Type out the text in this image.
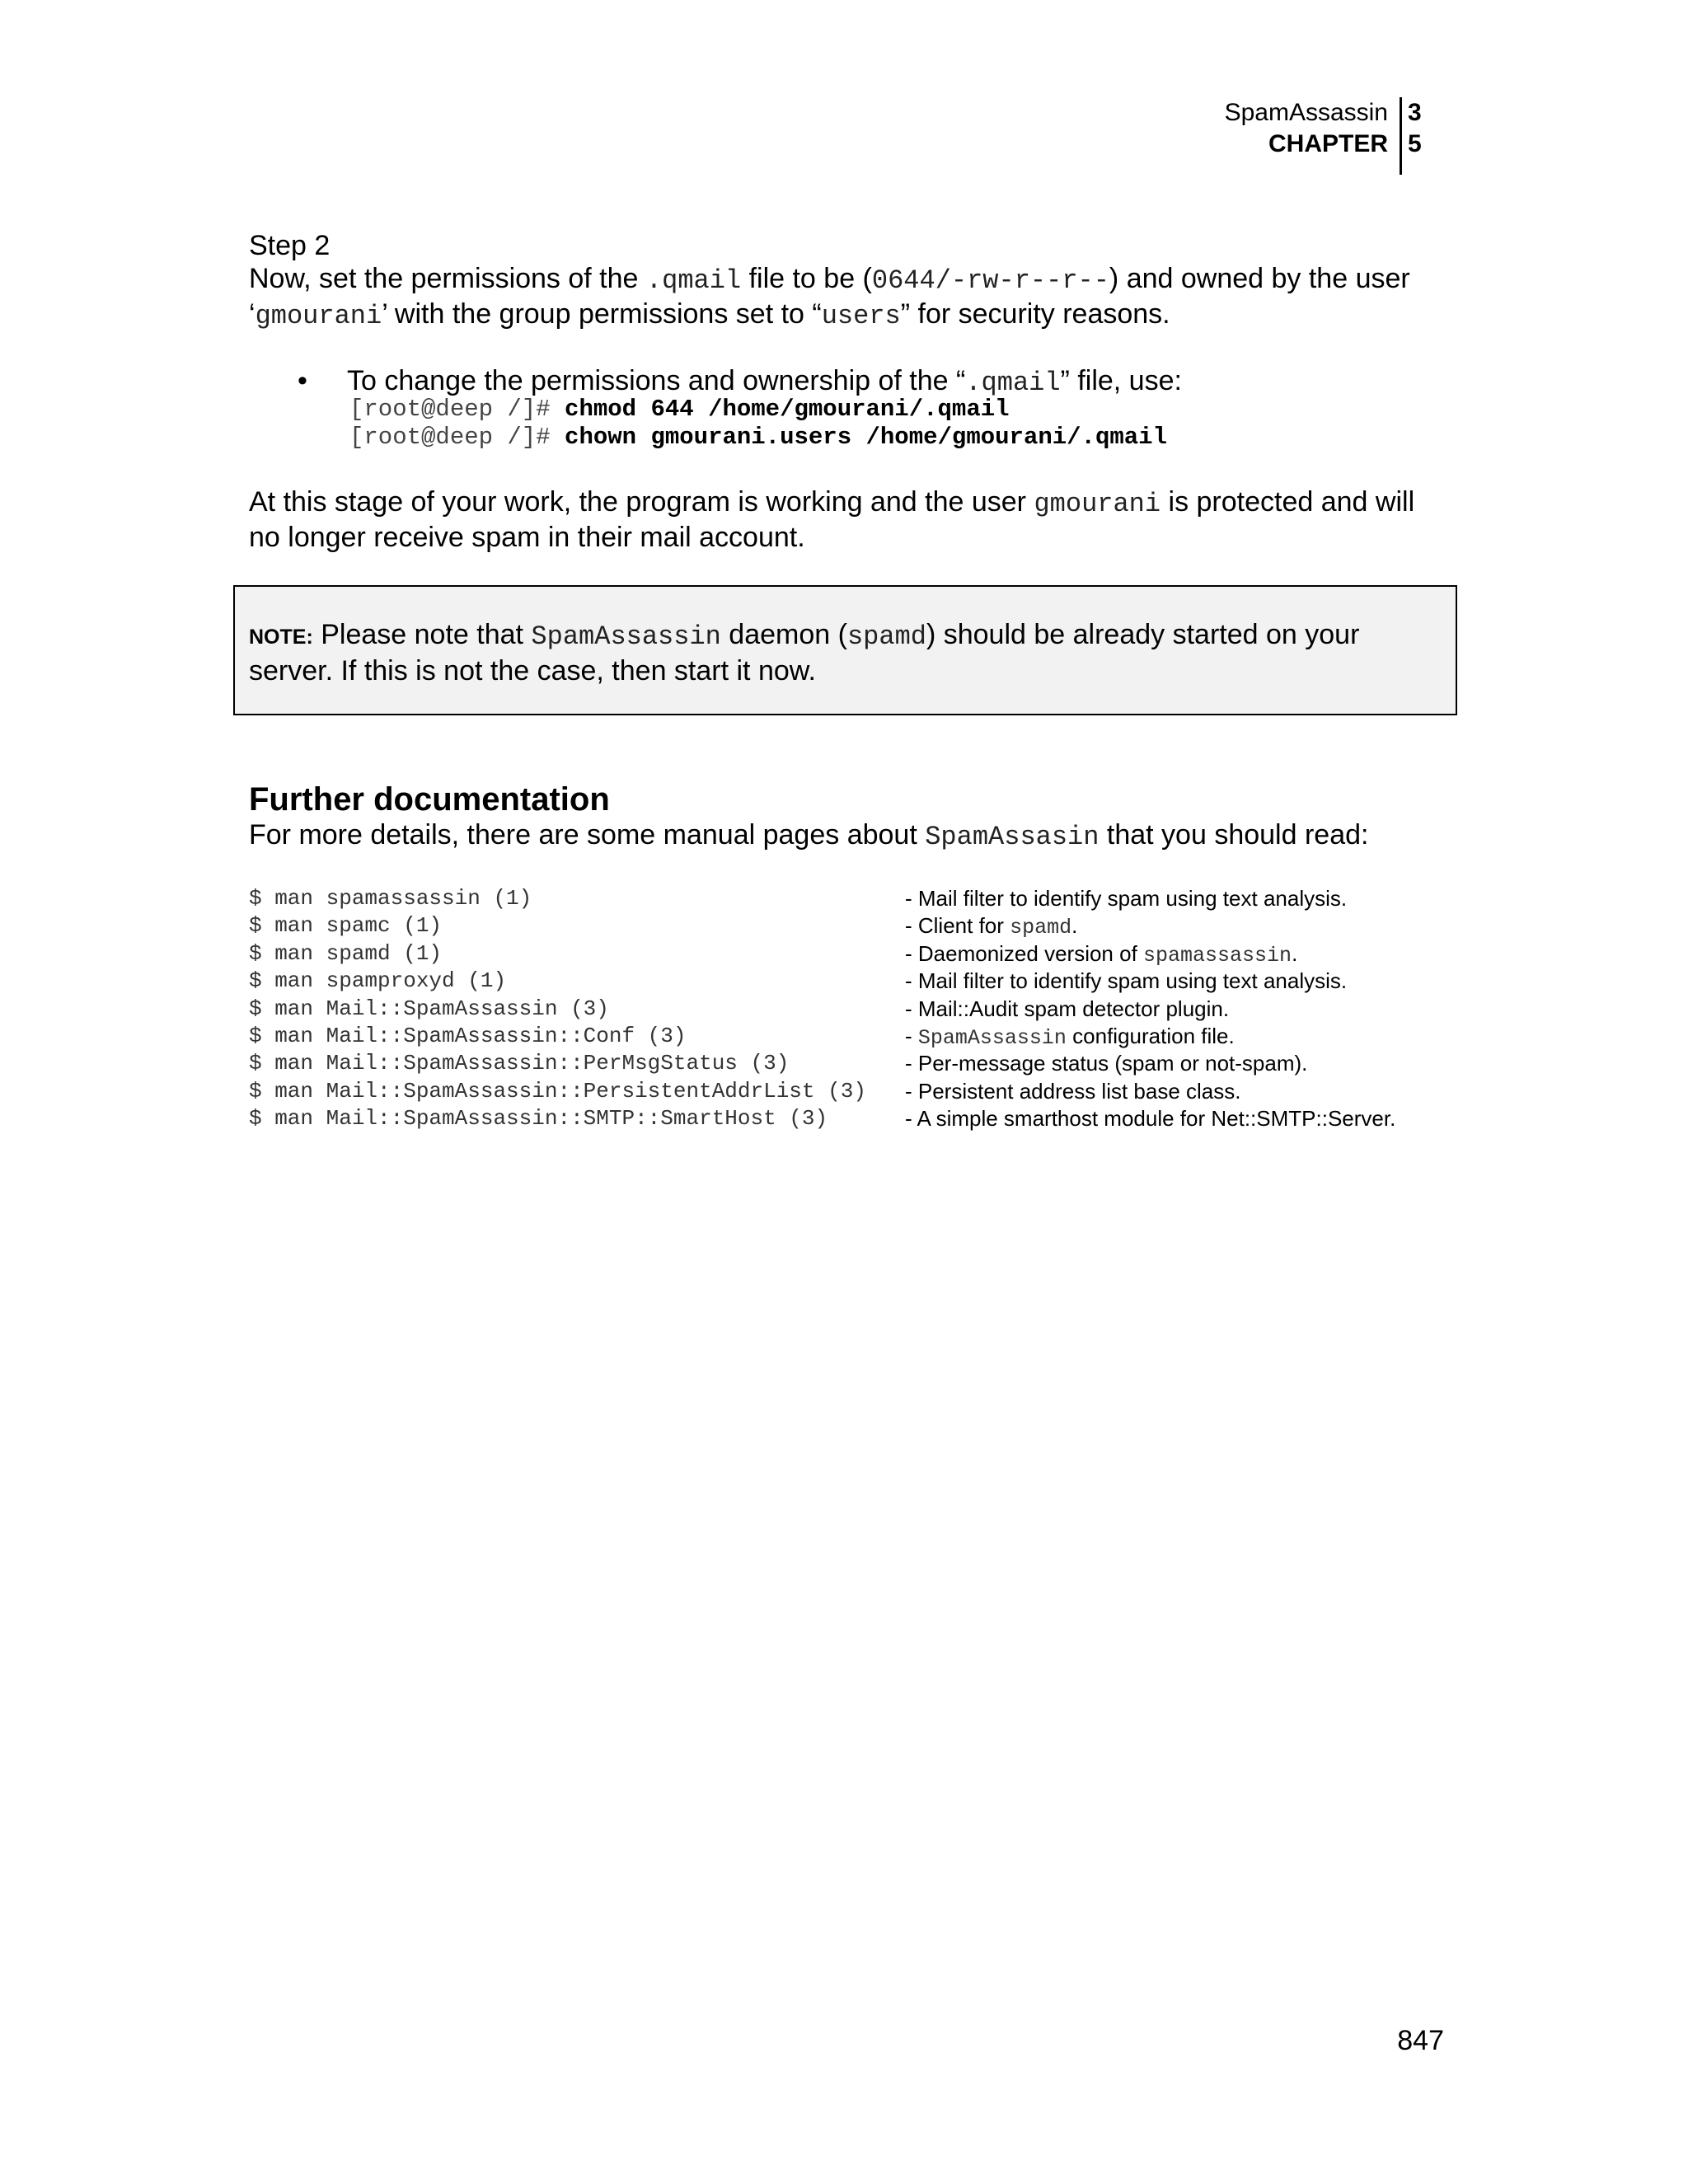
SpamAssassin
CHAPTER
3
5
Step 2
Now, set the permissions of the .qmail file to be (0644/-rw-r--r--) and owned by the user
‘gmourani’ with the group permissions set to “users” for security reasons.
• To change the permissions and ownership of the “.qmail” file, use:
[root@deep /]# chmod 644 /home/gmourani/.qmail
[root@deep /]# chown gmourani.users /home/gmourani/.qmail
At this stage of your work, the program is working and the user gmourani is protected and will
no longer receive spam in their mail account.
NOTE: Please note that SpamAssassin daemon (spamd) should be already started on your
server. If this is not the case, then start it now.
Further documentation
For more details, there are some manual pages about SpamAssasin that you should read:
$ man spamassassin (1)	- Mail filter to identify spam using text analysis.
$ man spamc (1)	- Client for spamd.
$ man spamd (1)	- Daemonized version of spamassassin.
$ man spamproxyd (1)	- Mail filter to identify spam using text analysis.
$ man Mail::SpamAssassin (3)	- Mail::Audit spam detector plugin.
$ man Mail::SpamAssassin::Conf (3)	- SpamAssassin configuration file.
$ man Mail::SpamAssassin::PerMsgStatus (3)	- Per-message status (spam or not-spam).
$ man Mail::SpamAssassin::PersistentAddrList (3) - Persistent address list base class.
$ man Mail::SpamAssassin::SMTP::SmartHost (3)	- A simple smarthost module for Net::SMTP::Server.
847
